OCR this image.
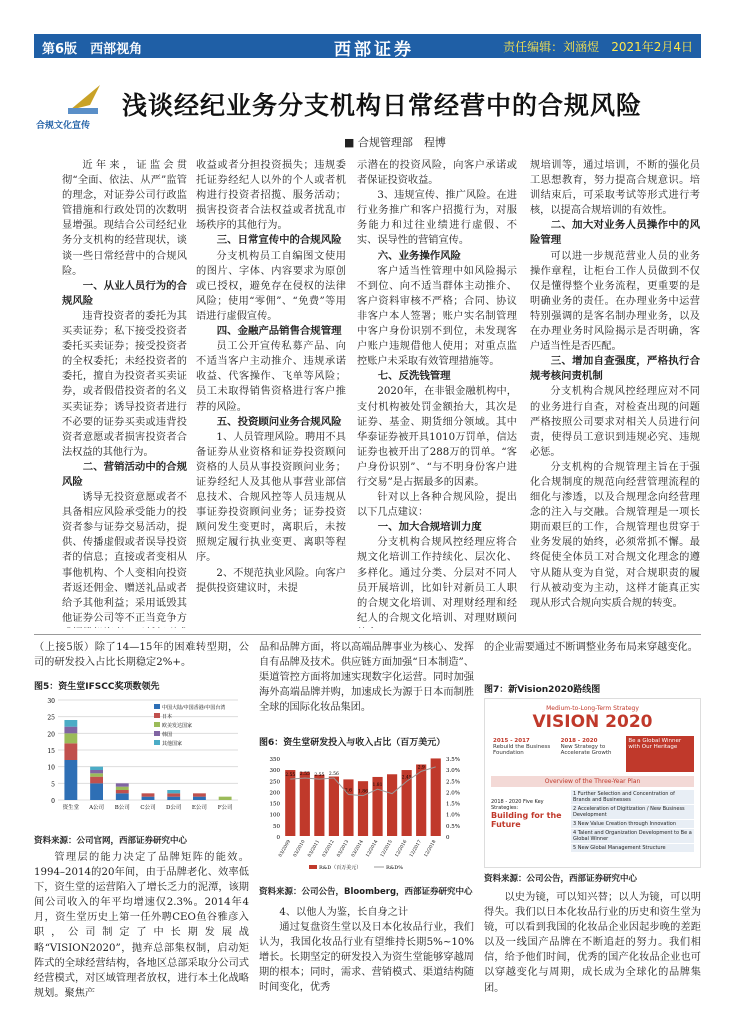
第6版　 西部视角	西部证券	责任编辑：刘涵煜　 2021年2月4日
合规文化宣传
浅谈经纪业务分支机构日常经营中的合规风险
■ 合规管理部　程博

近年来，证监会贯彻“全面、依法、从严”监管的理念，对证券公司行政监管措施和行政处罚的次数明显增强。现结合公司经纪业务分支机构的经营现状，谈谈一些日常经营中的合规风险。

一、从业人员行为的合规风险

违背投资者的委托为其买卖证券；私下接受投资者委托买卖证券；接受投资者的全权委托；未经投资者的委托，擅自为投资者买卖证券，或者假借投资者的名义买卖证券；诱导投资者进行不必要的证券买卖或违背投资者意愿或者损害投资者合法权益的其他行为。

二、营销活动中的合规风险

诱导无投资意愿或者不具备相应风险承受能力的投资者参与证券交易活动，提供、传播虚假或者误导投资者的信息；直接或者变相从事他机构、个人变相向投资者返还佣金、赠送礼品或者给予其他利益；采用诋毁其他证券公司等不正当竞争方

收益或者分担投资损失；违规委托证券经纪人以外的个人或者机构进行投资者招揽、服务活动；损害投资者合法权益或者扰乱市场秩序的其他行为。

三、日常宣传中的合规风险

分支机构员工自编图文使用的图片、字体、内容要求为原创或已授权，避免存在侵权的法律风险；使用“零佣”、“免费”等用语进行虚假宣传。

四、金融产品销售合规管理

员工公开宣传私募产品、向不适当客户主动推介、违规承诺收益、代客操作、飞单等风险；员工未取得销售资格进行客户推荐的风险。

五、投资顾问业务合规风险

1、人员管理风险。聘用不具备证券从业资格和证券投资顾问资格的人员从事投资顾问业务；证券经纪人及其他从事营业部信息技术、合规风控等人员违规从事证券投资顾问业务；证券投资顾问发生变更时，离职后，未按照规定履行执业变更、离职等程序。

2、不规范执业风险。向客户提供投资建议时，未提

示潜在的投资风险，向客户承诺或者保证投资收益。

3、违规宣传、推广风险。在进行业务推广和客户招揽行为，对服务能力和过往业绩进行虚假、不实、误导性的营销宣传。

六、业务操作风险

客户适当性管理中如风险揭示不到位、向不适当群体主动推介、客户资料审核不严格；合同、协议非客户本人签署；账户实名制管理中客户身份识别不到位，未发现客户账户违规借他人使用；对重点监控账户未采取有效管理措施等。

七、反洗钱管理

2020年，在非银金融机构中，支付机构被处罚金额抬大，其次是证券、基金、期货细分领域。其中华泰证券被开具1010万罚单，信达证券也被开出了288万的罚单。“客户身份识别”、“与不明身份客户进行交易”是占据最多的因素。

针对以上各种合规风险，提出以下几点建议：

一、加大合规培训力度

分支机构合规风控经理应将合规文化培训工作持续化、层次化、多样化。通过分类、分层对不同人员开展培训，比如针对新员工人职的合规文化培训、对理财经理和经纪人的合规文化培训、对理财顾问

规培训等，通过培训，不断的强化员工思想教育，努力提高合规意识。培训结束后，可采取考试等形式进行考核，以提高合规培训的有效性。

二、加大对业务人员操作中的风险管理

可以进一步规范营业人员的业务操作章程，让柜台工作人员做到不仅仅是懂得整个业务流程，更重要的是明确业务的责任。在办理业务中运营特别强调的是客名制办理业务，以及在办理业务时风险揭示是否明确，客户适当性是否匹配。

三、增加自查强度，严格执行合规考核问责机制

分支机构合规风控经理应对不同的业务进行自查，对检查出现的问题严格按照公司要求对相关人员进行问责，使得员工意识到违规必究、违规必惩。

分支机构的合规管理主旨在于强化合规制度的规范向经营管理流程的细化与渗透，以及合规理念向经营理念的注入与交融。合规管理是一项长期而艰巨的工作，合规管理也贯穿于业务发展的始终，必须常抓不懈。最终促使全体员工对合规文化理念的遵守从随从变为自觉，对合规职责的履行从被动变为主动，这样才能真正实现从形式合规向实质合规的转变。

（上接5版）除了14—15年的困难转型期，公司的研发投入占比长期稳定2%+。

图5：资生堂IFSCC奖项数领先
0
5
10
15
20
25
30
资生堂 A公司 B公司 C公司 D公司 E公司 F公司
中国大陆/中国香港/中国台湾
日本
欧美发达国家
韩国
其他国家
资料来源：公司官网，西部证券研究中心

管理层的能力决定了品牌矩阵的能效。1994–2014的20年间，由于品牌老化、效率低下，资生堂的运营陷入了增长乏力的泥潭，该期间公司收入的年平均增速仅2.3%。2014年4月，资生堂历史上第一任外聘CEO鱼谷雅彦入职，公司制定了中长期发展战略“VISION2020”，抛弃总部集权制，启动矩阵式的全球经营结构，各地区总部采取分公司式经营模式，对区域管理者放权，进行本土化战略规划。聚焦产

品和品牌方面，将以高端品牌事业为核心、发挥自有品牌及技术。供应链方面加强“日本制造”、渠道管控方面将加速实现数字化运营。同时加强海外高端品牌并购，加速成长为源于日本而制胜全球的国际化妆品集团。

图6：资生堂研发投入与收入占比（百万美元）
0
50
100
150
200
250
300
350
0
0.5%
1.0%
1.5%
2.0%
2.5%
3.0%
3.5%
03/2009
2.55
03/2010
2.55
03/2011
2.55
03/2012
2.56
03/2013
2.6
03/2014
1.86
12/2014
1.81
12/2015 12/2016
2.45
12/2017
2.9
12/2018
R&D（百万美元）	R&D%
资料来源：公司公告，Bloomberg，西部证券研究中心

4、以他人为鉴，长自身之计

通过复盘资生堂以及日本化妆品行业，我们认为，我国化妆品行业有望维持长期5%~10%增长。长期坚定的研发投入为资生堂能够穿越周期的根本；同时，需求、营销模式、渠道结构随时间变化，优秀

的企业需要通过不断调整业务布局来穿越变化。

图7：新Vision2020路线图
Medium-to-Long-Term Strategy
VISION 2020
2015 - 2017
Rebuild the Business Foundation
2018 - 2020
New Strategy to Accelerate Growth
Be a Global Winner with Our Heritage
Overview of the Three-Year Plan
2018 - 2020 Five Key Strategies:
Building for the Future
1 Further Selection and Concentration of Brands and Businesses
2 Acceleration of Digitization / New Business Development
3 New Value Creation through Innovation
4 Talent and Organization Development to Be a Global Winner
5 New Global Management Structure
资料来源：公司公告，西部证券研究中心

以史为镜，可以知兴替；以人为镜，可以明得失。我们以日本化妆品行业的历史和资生堂为镜，可以看到我国的化妆品企业因起步晚的差距以及一线国产品牌在不断追赶的努力。我们相信，给予他们时间，优秀的国产化妆品企业也可以穿越变化与周期，成长成为全球化的品牌集团。
